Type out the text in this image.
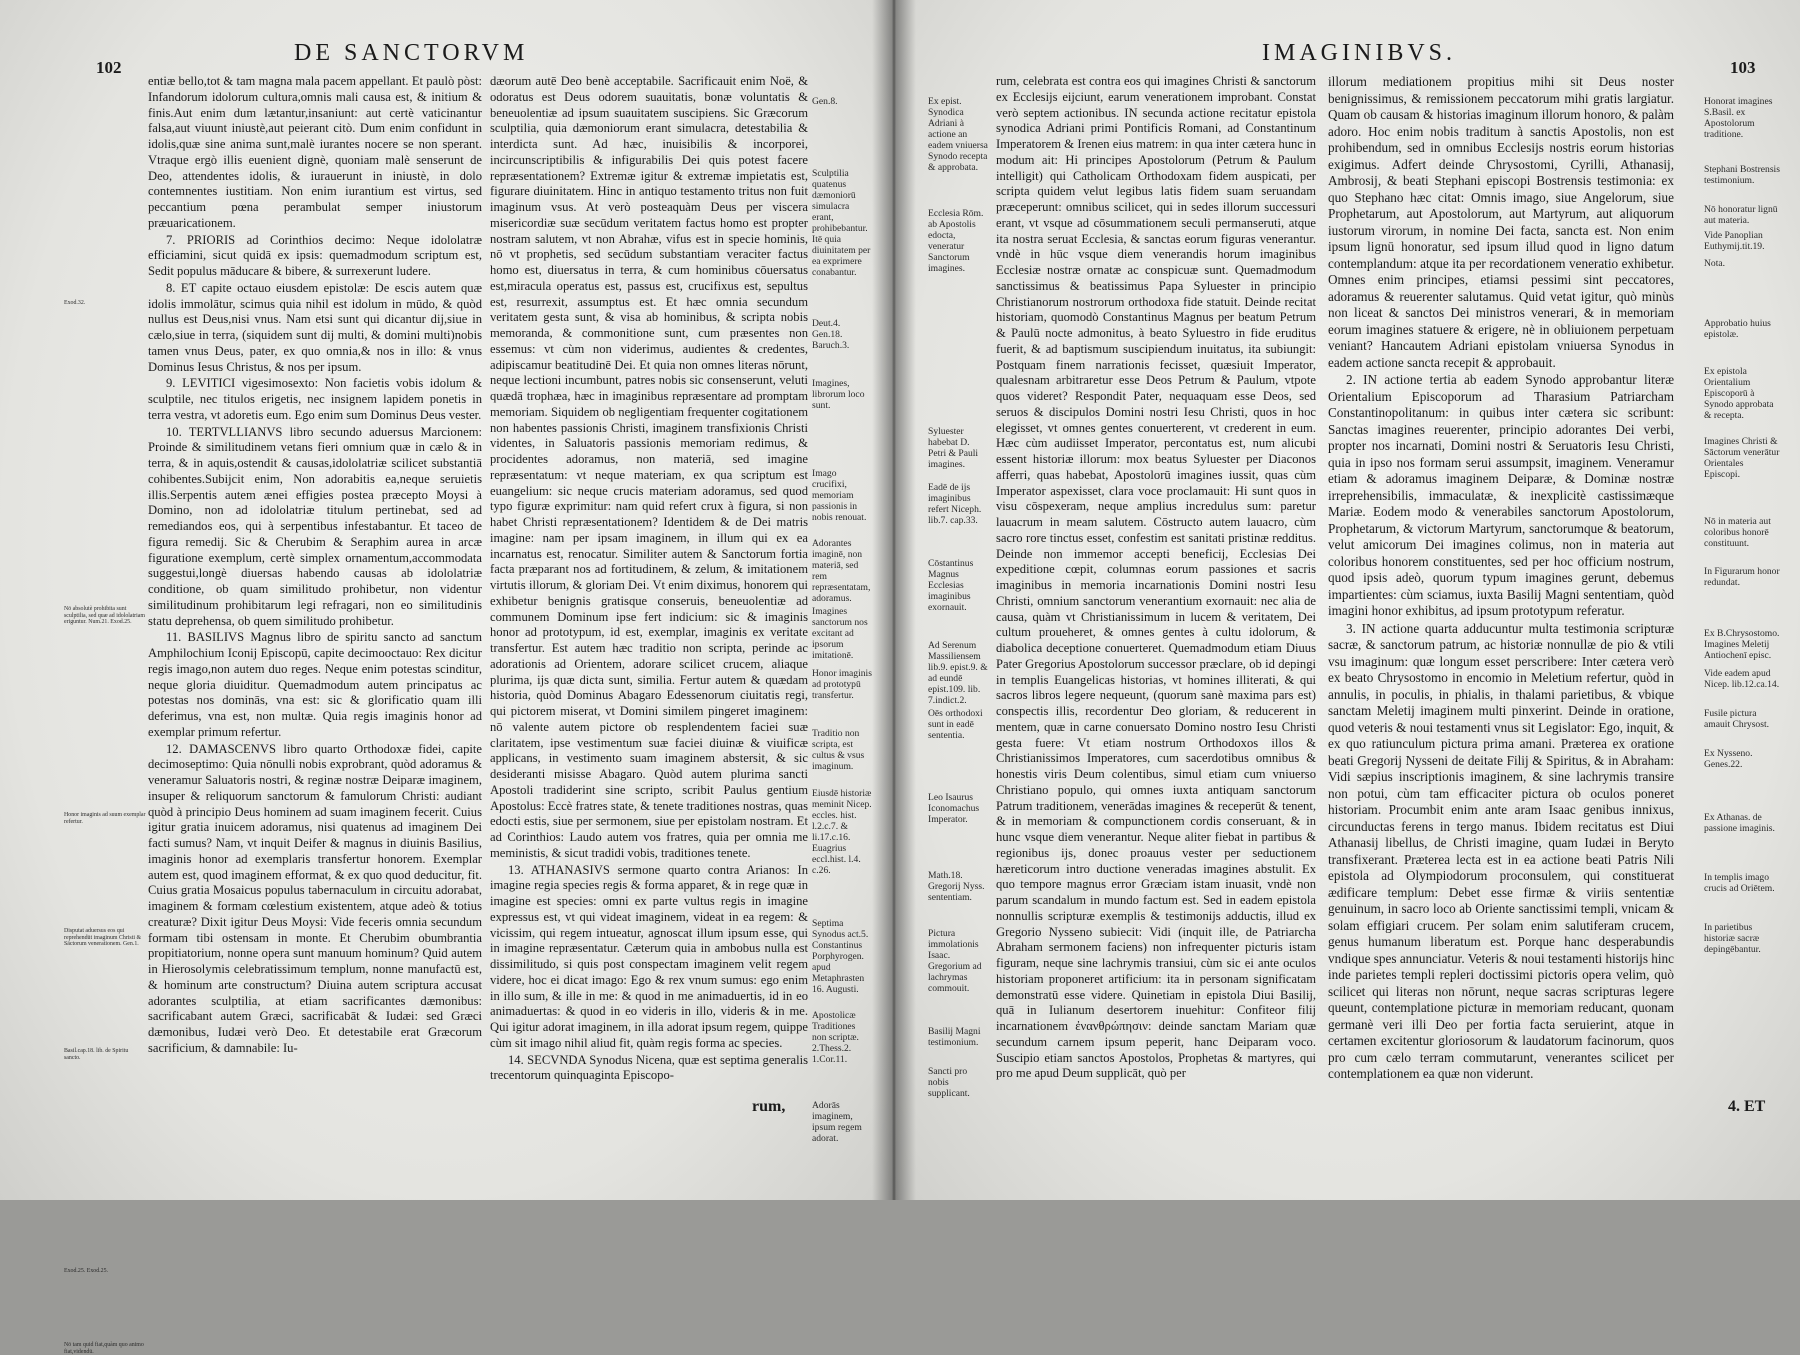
102
DE SANCTORVM
Exod.32.
Nō absolutè prohibita sunt sculptilia, sed quæ ad idololatriam eriguntur. Num.21. Exod.25.
Honor imaginis ad suum exemplar refertur.
Disputat aduersus eos qui reprehendūt imaginum Christi & Sāctorum venerationem. Gen.1.
Basil.cap.18. lib. de Spiritu sancto.
Exod.25. Exod.25.
Nō tam quid fiat,quàm quo animo fiat,videndū.

entiæ bello,tot & tam magna mala pacem appellant. Et paulò pòst: Infandorum idolorum cultura,omnis mali causa est, & initium & finis.Aut enim dum lætantur,insaniunt: aut certè vaticinantur falsa,aut viuunt iniustè,aut peierant citò. Dum enim confidunt in idolis,quæ sine anima sunt,malè iurantes nocere se non sperant. Vtraque ergò illis euenient dignè, quoniam malè senserunt de Deo, attendentes idolis, & iurauerunt in iniustè, in dolo contemnentes iustitiam. Non enim iurantium est virtus, sed peccantium pœna perambulat semper iniustorum præuaricationem.

7. PRIORIS ad Corinthios decimo: Neque idololatræ efficiamini, sicut quidā ex ipsis: quemadmodum scriptum est, Sedit populus māducare & bibere, & surrexerunt ludere.

8. ET capite octauo eiusdem epistolæ: De escis autem quæ idolis immolātur, scimus quia nihil est idolum in mūdo, & quòd nullus est Deus,nisi vnus. Nam etsi sunt qui dicantur dij,siue in cælo,siue in terra, (siquidem sunt dij multi, & domini multi)nobis tamen vnus Deus, pater, ex quo omnia,& nos in illo: & vnus Dominus Iesus Christus, & nos per ipsum.

9. LEVITICI vigesimosexto: Non facietis vobis idolum & sculptile, nec titulos erigetis, nec insignem lapidem ponetis in terra vestra, vt adoretis eum. Ego enim sum Dominus Deus vester.

10. TERTVLLIANVS libro secundo aduersus Marcionem: Proinde & similitudinem vetans fieri omnium quæ in cælo & in terra, & in aquis,ostendit & causas,idololatriæ scilicet substantiā cohibentes.Subijcit enim, Non adorabitis ea,neque seruietis illis.Serpentis autem ænei effigies postea præcepto Moysi à Domino, non ad idololatriæ titulum pertinebat, sed ad remediandos eos, qui à serpentibus infestabantur. Et taceo de figura remedij. Sic & Cherubim & Seraphim aurea in arcæ figuratione exemplum, certè simplex ornamentum,accommodata suggestui,longè diuersas habendo causas ab idololatriæ conditione, ob quam similitudo prohibetur, non videntur similitudinum prohibitarum legi refragari, non eo similitudinis statu deprehensa, ob quem similitudo prohibetur.

11. BASILIVS Magnus libro de spiritu sancto ad sanctum Amphilochium Iconij Episcopū, capite decimooctauo: Rex dicitur regis imago,non autem duo reges. Neque enim potestas scinditur, neque gloria diuiditur. Quemadmodum autem principatus ac potestas nos dominās, vna est: sic & glorificatio quam illi deferimus, vna est, non multæ. Quia regis imaginis honor ad exemplar primum refertur.

12. DAMASCENVS libro quarto Orthodoxæ fidei, capite decimoseptimo: Quia nōnulli nobis exprobrant, quòd adoramus & veneramur Saluatoris nostri, & reginæ nostræ Deiparæ imaginem, insuper & reliquorum sanctorum & famulorum Christi: audiant quòd à principio Deus hominem ad suam imaginem fecerit. Cuius igitur gratia inuicem adoramus, nisi quatenus ad imaginem Dei facti sumus? Nam, vt inquit Deifer & magnus in diuinis Basilius, imaginis honor ad exemplaris transfertur honorem. Exemplar autem est, quod imaginem efformat, & ex quo quod deducitur, fit. Cuius gratia Mosaicus populus tabernaculum in circuitu adorabat, imaginem & formam cœlestium existentem, atque adeò & totius creaturæ? Dixit igitur Deus Moysi: Vide feceris omnia secundum formam tibi ostensam in monte. Et Cherubim obumbrantia propitiatorium, nonne opera sunt manuum hominum? Quid autem in Hierosolymis celebratissimum templum, nonne manufactū est, & hominum arte constructum? Diuina autem scriptura accusat adorantes sculptilia, at etiam sacrificantes dæmonibus: sacrificabant autem Græci, sacrificabāt & Iudæi: sed Græci dæmonibus, Iudæi verò Deo. Et detestabile erat Græcorum sacrificium, & damnabile: Iu-

dæorum autē Deo benè acceptabile. Sacrificauit enim Noë, & odoratus est Deus odorem suauitatis, bonæ voluntatis & beneuolentiæ ad ipsum suauitatem suscipiens. Sic Græcorum sculptilia, quia dæmoniorum erant simulacra, detestabilia & interdicta sunt. Ad hæc, inuisibilis & incorporei, incircunscriptibilis & infigurabilis Dei quis potest facere repræsentationem? Extremæ igitur & extremæ impietatis est, figurare diuinitatem. Hinc in antiquo testamento tritus non fuit imaginum vsus. At verò posteaquàm Deus per viscera misericordiæ suæ secūdum veritatem factus homo est propter nostram salutem, vt non Abrahæ, vifus est in specie hominis, nō vt prophetis, sed secūdum substantiam veraciter factus homo est, diuersatus in terra, & cum hominibus cōuersatus est,miracula operatus est, passus est, crucifixus est, sepultus est, resurrexit, assumptus est. Et hæc omnia secundum veritatem gesta sunt, & visa ab hominibus, & scripta nobis memoranda, & commonitione sunt, cum præsentes non essemus: vt cùm non viderimus, audientes & credentes, adipiscamur beatitudinē Dei. Et quia non omnes literas nōrunt, neque lectioni incumbunt, patres nobis sic consenserunt, veluti quædā trophæa, hæc in imaginibus repræsentare ad promptam memoriam. Siquidem ob negligentiam frequenter cogitationem non habentes passionis Christi, imaginem transfixionis Christi videntes, in Saluatoris passionis memoriam redimus, & procidentes adoramus, non materiā, sed imagine repræsentatum: vt neque materiam, ex qua scriptum est euangelium: sic neque crucis materiam adoramus, sed quod typo figuræ exprimitur: nam quid refert crux à figura, si non habet Christi repræsentationem? Identidem & de Dei matris imagine: nam per ipsam imaginem, in illum qui ex ea incarnatus est, renocatur. Similiter autem & Sanctorum fortia facta præparant nos ad fortitudinem, & zelum, & imitationem virtutis illorum, & gloriam Dei. Vt enim diximus, honorem qui exhibetur benignis gratisque conseruis, beneuolentiæ ad communem Dominum ipse fert indicium: sic & imaginis honor ad prototypum, id est, exemplar, imaginis ex veritate transfertur. Est autem hæc traditio non scripta, perinde ac adorationis ad Orientem, adorare scilicet crucem, aliaque plurima, ijs quæ dicta sunt, similia. Fertur autem & quædam historia, quòd Dominus Abagaro Edessenorum ciuitatis regi, qui pictorem miserat, vt Domini similem pingeret imaginem: nō valente autem pictore ob resplendentem faciei suæ claritatem, ipse vestimentum suæ faciei diuinæ & viuificæ applicans, in vestimento suam imaginem abstersit, & sic desideranti misisse Abagaro. Quòd autem plurima sancti Apostoli tradiderint sine scripto, scribit Paulus gentium Apostolus: Eccè fratres state, & tenete traditiones nostras, quas edocti estis, siue per sermonem, siue per epistolam nostram. Et ad Corinthios: Laudo autem vos fratres, quia per omnia me meministis, & sicut tradidi vobis, traditiones tenete.

13. ATHANASIVS sermone quarto contra Arianos: In imagine regia species regis & forma apparet, & in rege quæ in imagine est species: omni ex parte vultus regis in imagine expressus est, vt qui videat imaginem, videat in ea regem: & vicissim, qui regem intueatur, agnoscat illum ipsum esse, qui in imagine repræsentatur. Cæterum quia in ambobus nulla est dissimilitudo, si quis post conspectam imaginem velit regem videre, hoc ei dicat imago: Ego & rex vnum sumus: ego enim in illo sum, & ille in me: & quod in me animaduertis, id in eo animaduertas: & quod in eo videris in illo, videris & in me. Qui igitur adorat imaginem, in illa adorat ipsum regem, quippe cùm sit imago nihil aliud fit, quàm regis forma ac species.

14. SECVNDA Synodus Nicena, quæ est septima generalis trecentorum quinquaginta Episcopo-

Gen.8.
Sculptilia quatenus dæmoniorū simulacra erant, prohibebantur. Itē quia diuinitatem per ea exprimere conabantur.
Deut.4. Gen.18. Baruch.3.
Imagines, librorum loco sunt.
Imago crucifixi, memoriam passionis in nobis renouat.
Adorantes imaginē, non materiā, sed rem repræsentatam, adoramus.
Imagines sanctorum nos excitant ad ipsorum imitationē.
Honor imaginis ad prototypū transfertur.
Traditio non scripta, est cultus & vsus imaginum.
Eiusdē historiæ meminit Nicep. eccles. hist. l.2.c.7. & li.17.c.16. Euagrius eccl.hist. l.4. c.26.
Septima Synodus act.5. Constantinus Porphyrogen. apud Metaphrasten 16. Augusti.
Apostolicæ Traditiones non scriptæ. 2.Thess.2. 1.Cor.11.
Adorās imaginem, ipsum regem adorat.
rum,
IMAGINIBVS.
103
Ex epist. Synodica Adriani à actione an eadem vniuersa Synodo recepta & approbata.
Ecclesia Rōm. ab Apostolis edocta, veneratur Sanctorum imagines.
Syluester habebat D. Petri & Pauli imagines.
Eadē de ijs imaginibus refert Niceph. lib.7. cap.33.
Cōstantinus Magnus Ecclesias imaginibus exornauit.
Ad Serenum Massiliensem lib.9. epist.9. & ad eundē epist.109. lib. 7.indict.2.
Oēs orthodoxi sunt in eadē sententia.
Leo Isaurus Iconomachus Imperator.
Math.18. Gregorij Nyss. sententiam.
Pictura immolationis Isaac. Gregorium ad lachrymas commouit.
Basilij Magni testimonium.
Sancti pro nobis supplicant.

rum, celebrata est contra eos qui imagines Christi & sanctorum ex Ecclesijs eijciunt, earum venerationem improbant. Constat verò septem actionibus. IN secunda actione recitatur epistola synodica Adriani primi Pontificis Romani, ad Constantinum Imperatorem & Irenen eius matrem: in qua inter cætera hunc in modum ait: Hi principes Apostolorum (Petrum & Paulum intelligit) qui Catholicam Orthodoxam fidem auspicati, per scripta quidem velut legibus latis fidem suam seruandam præceperunt: omnibus scilicet, qui in sedes illorum successuri erant, vt vsque ad cōsummationem seculi permanseruti, atque ita nostra seruat Ecclesia, & sanctas eorum figuras venerantur. vndè in hūc vsque diem venerandis horum imaginibus Ecclesiæ nostræ ornatæ ac conspicuæ sunt. Quemadmodum sanctissimus & beatissimus Papa Syluester in principio Christianorum nostrorum orthodoxa fide statuit. Deinde recitat historiam, quomodò Constantinus Magnus per beatum Petrum & Paulū nocte admonitus, à beato Syluestro in fide eruditus fuerit, & ad baptismum suscipiendum inuitatus, ita subiungit: Postquam finem narrationis fecisset, quæsiuit Imperator, qualesnam arbitraretur esse Deos Petrum & Paulum, vtpote quos videret? Respondit Pater, nequaquam esse Deos, sed seruos & discipulos Domini nostri Iesu Christi, quos in hoc elegisset, vt omnes gentes conuerterent, vt crederent in eum. Hæc cùm audiisset Imperator, percontatus est, num alicubi essent historiæ illorum: mox beatus Syluester per Diaconos afferri, quas habebat, Apostolorū imagines iussit, quas cùm Imperator aspexisset, clara voce proclamauit: Hi sunt quos in visu cōspexeram, neque amplius incredulus sum: paretur lauacrum in meam salutem. Cōstructo autem lauacro, cùm sacro rore tinctus esset, confestim est sanitati pristinæ redditus. Deinde non immemor accepti beneficij, Ecclesias Dei expeditione cœpit, columnas eorum passiones et sacris imaginibus in memoria incarnationis Domini nostri Iesu Christi, omnium sanctorum venerantium exornauit: nec alia de causa, quàm vt Christianissimum in lucem & veritatem, Dei cultum proueheret, & omnes gentes à cultu idolorum, & diabolica deceptione conuerteret. Quemadmodum etiam Diuus Pater Gregorius Apostolorum successor præclare, ob id depingi in templis Euangelicas historias, vt homines illiterati, & qui sacros libros legere nequeunt, (quorum sanè maxima pars est) conspectis illis, recordentur Deo gloriam, & reducerent in mentem, quæ in carne conuersato Domino nostro Iesu Christi gesta fuere: Vt etiam nostrum Orthodoxos illos & Christianissimos Imperatores, cum sacerdotibus omnibus & honestis viris Deum colentibus, simul etiam cum vniuerso Christiano populo, qui omnes iuxta antiquam sanctorum Patrum traditionem, venerādas imagines & receperūt & tenent, & in memoriam & compunctionem cordis conseruant, & in hunc vsque diem venerantur. Neque aliter fiebat in partibus & regionibus ijs, donec proauus vester per seductionem hæreticorum intro ductione veneradas imagines abstulit. Ex quo tempore magnus error Græciam istam inuasit, vndè non parum scandalum in mundo factum est. Sed in eadem epistola nonnullis scripturæ exemplis & testimonijs adductis, illud ex Gregorio Nysseno subiecit: Vidi (inquit ille, de Patriarcha Abraham sermonem faciens) non infrequenter picturis istam figuram, neque sine lachrymis transiui, cùm sic ei ante oculos historiam proponeret artificium: ita in personam significatam demonstratū esse videre. Quinetiam in epistola Diui Basilij, quā in Iulianum desertorem inuehitur: Confiteor filij incarnationem ἐνανθρώπησιν: deinde sanctam Mariam quæ secundum carnem ipsum peperit, hanc Deiparam voco. Suscipio etiam sanctos Apostolos, Prophetas & martyres, qui pro me apud Deum supplicāt, quò per

illorum mediationem propitius mihi sit Deus noster benignissimus, & remissionem peccatorum mihi gratis largiatur. Quam ob causam & historias imaginum illorum honoro, & palàm adoro. Hoc enim nobis traditum à sanctis Apostolis, non est prohibendum, sed in omnibus Ecclesijs nostris eorum historias exigimus. Adfert deinde Chrysostomi, Cyrilli, Athanasij, Ambrosij, & beati Stephani episcopi Bostrensis testimonia: ex quo Stephano hæc citat: Omnis imago, siue Angelorum, siue Prophetarum, aut Apostolorum, aut Martyrum, aut aliquorum iustorum virorum, in nomine Dei facta, sancta est. Non enim ipsum lignū honoratur, sed ipsum illud quod in ligno datum contemplandum: atque ita per recordationem veneratio exhibetur. Omnes enim principes, etiamsi pessimi sint peccatores, adoramus & reuerenter salutamus. Quid vetat igitur, quò minùs non liceat & sanctos Dei ministros venerari, & in memoriam eorum imagines statuere & erigere, nè in obliuionem perpetuam veniant? Hancautem Adriani epistolam vniuersa Synodus in eadem actione sancta recepit & approbauit.

2. IN actione tertia ab eadem Synodo approbantur literæ Orientalium Episcoporum ad Tharasium Patriarcham Constantinopolitanum: in quibus inter cætera sic scribunt: Sanctas imagines reuerenter, principio adorantes Dei verbi, propter nos incarnati, Domini nostri & Seruatoris Iesu Christi, quia in ipso nos formam serui assumpsit, imaginem. Veneramur etiam & adoramus imaginem Deiparæ, & Dominæ nostræ irreprehensibilis, immaculatæ, & inexplicitè castissimæque Mariæ. Eodem modo & venerabiles sanctorum Apostolorum, Prophetarum, & victorum Martyrum, sanctorumque & beatorum, velut amicorum Dei imagines colimus, non in materia aut coloribus honorem constituentes, sed per hoc officium nostrum, quod ipsis adeò, quorum typum imagines gerunt, debemus impartientes: cùm sciamus, iuxta Basilij Magni sententiam, quòd imagini honor exhibitus, ad ipsum prototypum referatur.

3. IN actione quarta adducuntur multa testimonia scripturæ sacræ, & sanctorum patrum, ac historiæ nonnullæ de pio & vtili vsu imaginum: quæ longum esset perscribere: Inter cætera verò ex beato Chrysostomo in encomio in Meletium refertur, quòd in annulis, in poculis, in phialis, in thalami parietibus, & vbique sanctam Meletij imaginem multi pinxerint. Deinde in oratione, quod veteris & noui testamenti vnus sit Legislator: Ego, inquit, & ex quo ratiunculum pictura prima amani. Præterea ex oratione beati Gregorij Nysseni de deitate Filij & Spiritus, & in Abraham: Vidi sæpius inscriptionis imaginem, & sine lachrymis transire non potui, cùm tam efficaciter pictura ob oculos poneret historiam. Procumbit enim ante aram Isaac genibus innixus, circunductas ferens in tergo manus. Ibidem recitatus est Diui Athanasij libellus, de Christi imagine, quam Iudæi in Beryto transfixerant. Præterea lecta est in ea actione beati Patris Nili epistola ad Olympiodorum proconsulem, qui constituerat ædificare templum: Debet esse firmæ & viriis sententiæ genuinum, in sacro loco ab Oriente sanctissimi templi, vnicam & solam effigiari crucem. Per solam enim salutiferam crucem, genus humanum liberatum est. Porque hanc desperabundis vndique spes annunciatur. Veteris & noui testamenti historijs hinc inde parietes templi repleri doctissimi pictoris opera velim, quò scilicet qui literas non nōrunt, neque sacras scripturas legere queunt, contemplatione picturæ in memoriam reducant, quonam germanè veri illi Deo per fortia facta seruierint, atque in certamen excitentur gloriosorum & laudatorum facinorum, quos pro cum cælo terram commutarunt, venerantes scilicet per contemplationem ea quæ non viderunt.

Honorat imagines S.Basil. ex Apostolorum traditione.
Stephani Bostrensis testimonium.
Nō honoratur lignū aut materia.
Vide Panoplian Euthymij.tit.19.
Nota.
Approbatio huius epistolæ.
Ex epistola Orientalium Episcoporū à Synodo approbata & recepta.
Imagines Christi & Sāctorum venerātur Orientales Episcopi.
Nō in materia aut coloribus honorē constituunt.
In Figurarum honor redundat.
Ex B.Chrysostomo. Imagines Meletij Antiochenī episc.
Vide eadem apud Nicep. lib.12.ca.14.
Fusile pictura amauit Chrysost.
Ex Nysseno. Genes.22.
Ex Athanas. de passione imaginis.
In templis imago crucis ad Oriētem.
In parietibus historiæ sacræ depingēbantur.
4. ET
